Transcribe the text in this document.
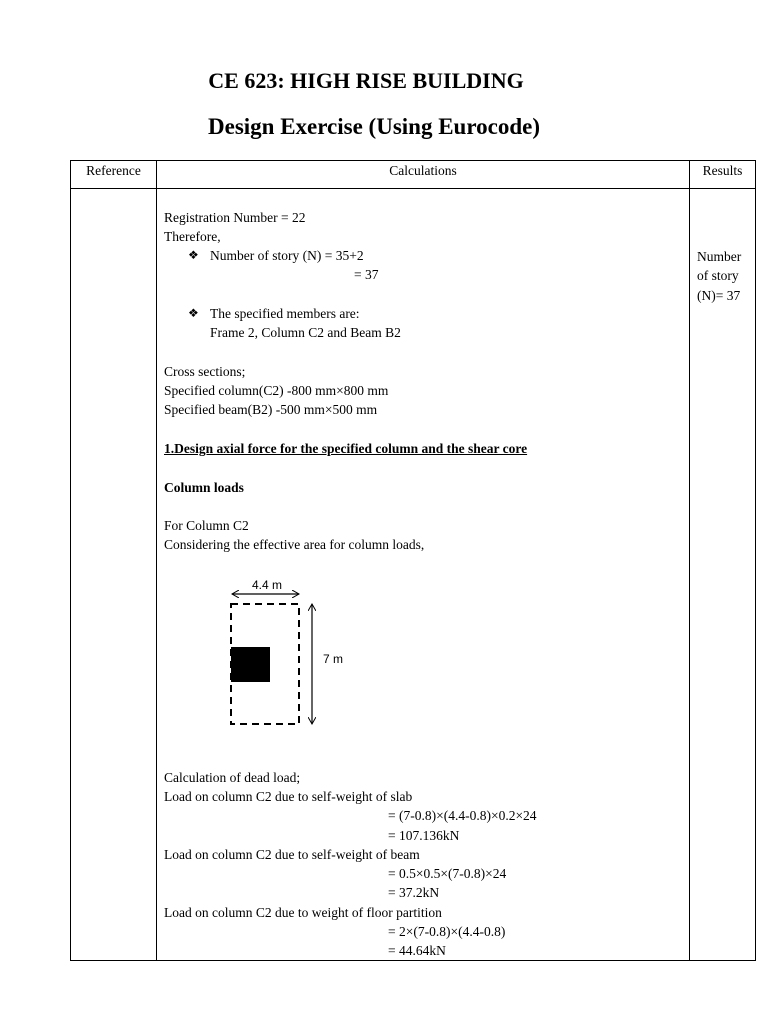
CE 623: HIGH RISE BUILDING
Design Exercise (Using Eurocode)
Reference	Calculations	Results
Registration Number = 22
Therefore,
❖ Number of story (N) = 35+2
= 37
❖ The specified members are:
Frame 2, Column C2 and Beam B2
Cross sections;
Specified column(C2) -800 mm×800 mm
Specified beam(B2) -500 mm×500 mm
1.Design axial force for the specified column and the shear core
Column loads
For Column C2
Considering the effective area for column loads,
4.4 m
7 m
Calculation of dead load;
Load on column C2 due to self-weight of slab
= (7-0.8)×(4.4-0.8)×0.2×24
= 107.136kN
Load on column C2 due to self-weight of beam
= 0.5×0.5×(7-0.8)×24
= 37.2kN
Load on column C2 due to weight of floor partition
= 2×(7-0.8)×(4.4-0.8)
= 44.64kN
Number
of story
(N)= 37
